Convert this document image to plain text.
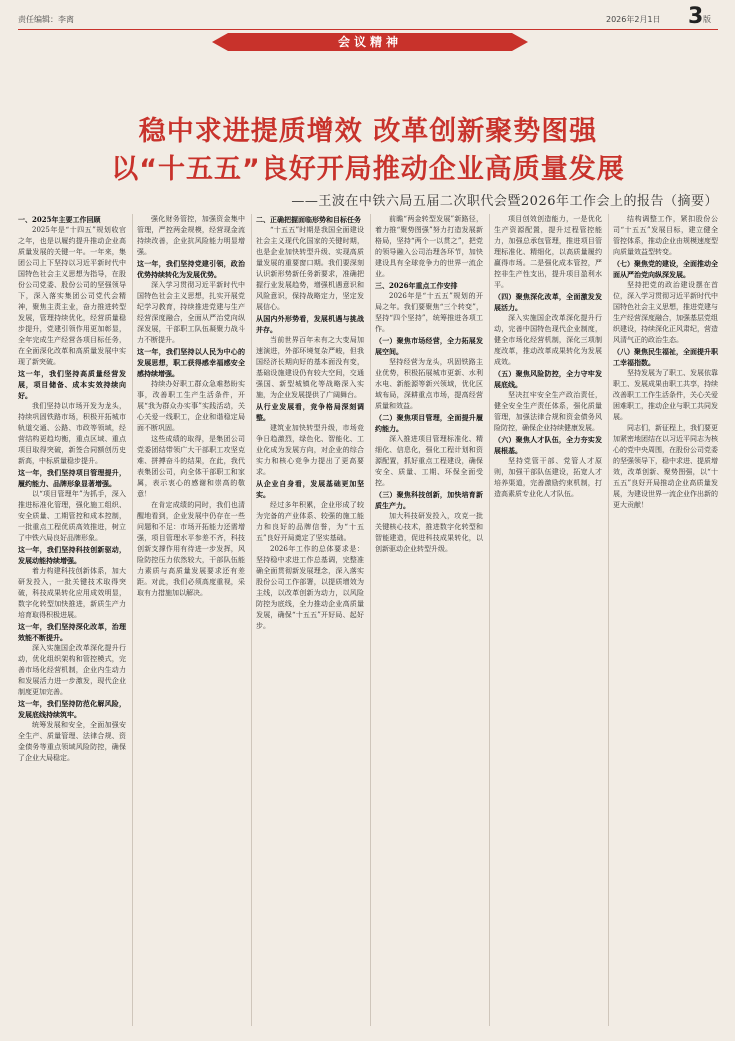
责任编辑：李离	2026年2月1日 3 版
会议精神
稳中求进提质增效 改革创新聚势图强
以“十五五”良好开局推动企业高质量发展
——王波在中铁六局五届二次职代会暨2026年工作会上的报告（摘要）

一、2025年主要工作回顾

2025年是“十四五”规划收官之年，也是以履约提升推动企业高质量发展的关键一年。一年来，集团公司上下坚持以习近平新时代中国特色社会主义思想为指导，在股份公司党委、股份公司的坚强领导下，深入落实集团公司党代会精神，聚焦主责主业，奋力推进转型发展，管理持续优化，经营质量稳步提升，党建引领作用更加彰显，全年完成生产经营各项目标任务，在全面深化改革和高质量发展中实现了新突破。

这一年，我们坚持高质量经营发展，项目储备、成本实效持续向好。

我们坚持以市场开发为龙头，持续巩固铁路市场，积极开拓城市轨道交通、公路、市政等领域，经营结构更趋均衡，重点区域、重点项目取得突破，新签合同额创历史新高，中标质量稳步提升。

这一年，我们坚持项目管理提升，履约能力、品牌形象显著增强。

以“项目管理年”为抓手，深入推进标准化管理，强化施工组织、安全质量、工期管控和成本控制，一批重点工程优质高效推进，树立了中铁六局良好品牌形象。

这一年，我们坚持科技创新驱动，发展动能持续增强。

着力构建科技创新体系，加大研发投入，一批关键技术取得突破，科技成果转化应用成效明显，数字化转型加快推进，新质生产力培育取得积极进展。

这一年，我们坚持深化改革，治理效能不断提升。

深入实施国企改革深化提升行动，优化组织架构和管控模式，完善市场化经营机制，企业内生动力和发展活力进一步激发，现代企业制度更加完善。

这一年，我们坚持防范化解风险，发展底线持续筑牢。

统筹发展和安全，全面加强安全生产、质量管理、法律合规、资金债务等重点领域风险防控，确保了企业大局稳定。

强化财务管控，加强资金集中管理，严控两金规模，经营现金流持续改善，企业抗风险能力明显增强。

这一年，我们坚持党建引领，政治优势持续转化为发展优势。

深入学习贯彻习近平新时代中国特色社会主义思想，扎实开展党纪学习教育，持续推进党建与生产经营深度融合，全面从严治党向纵深发展，干部职工队伍凝聚力战斗力不断提升。

这一年，我们坚持以人民为中心的发展思想，职工获得感幸福感安全感持续增强。

持续办好职工群众急难愁盼实事，改善职工生产生活条件，开展“我为群众办实事”实践活动，关心关爱一线职工，企业和谐稳定局面不断巩固。

这些成绩的取得，是集团公司党委团结带领广大干部职工攻坚克难、拼搏奋斗的结果，在此，我代表集团公司，向全体干部职工和家属，表示衷心的感谢和崇高的敬意！

在肯定成绩的同时，我们也清醒地看到，企业发展中仍存在一些问题和不足：市场开拓能力还需增强，项目管理水平参差不齐，科技创新支撑作用有待进一步发挥，风险防控压力依然较大，干部队伍能力素质与高质量发展要求还有差距。对此，我们必须高度重视，采取有力措施加以解决。

二、正确把握面临形势和目标任务

“十五五”时期是我国全面建设社会主义现代化国家的关键时期，也是企业加快转型升级、实现高质量发展的重要窗口期。我们要深刻认识新形势新任务新要求，准确把握行业发展趋势，增强机遇意识和风险意识，保持战略定力，坚定发展信心。

从国内外形势看，发展机遇与挑战并存。

当前世界百年未有之大变局加速演进，外部环境复杂严峻，但我国经济长期向好的基本面没有变，基础设施建设仍有较大空间，交通强国、新型城镇化等战略深入实施，为企业发展提供了广阔舞台。

从行业发展看，竞争格局深刻调整。

建筑业加快转型升级，市场竞争日趋激烈，绿色化、智能化、工业化成为发展方向，对企业的综合实力和核心竞争力提出了更高要求。

从企业自身看，发展基础更加坚实。

经过多年积累，企业形成了较为完备的产业体系、较强的施工能力和良好的品牌信誉，为“十五五”良好开局奠定了坚实基础。

2026年工作的总体要求是：坚持稳中求进工作总基调，完整准确全面贯彻新发展理念，深入落实股份公司工作部署，以提质增效为主线，以改革创新为动力，以风险防控为底线，全力推动企业高质量发展，确保“十五五”开好局、起好步。

前瞻“两金转型发展”新路径，着力推“聚势图强”努力打造发展新格局，坚持“两个一以贯之”，把党的领导融入公司治理各环节，加快建设具有全球竞争力的世界一流企业。

三、2026年重点工作安排

2026年是“十五五”规划的开局之年。我们要聚焦“三个转变”，坚持“四个坚持”，统筹推进各项工作。

（一）聚焦市场经营，全力拓展发展空间。

坚持经营为龙头，巩固铁路主业优势，积极拓展城市更新、水利水电、新能源等新兴领域，优化区域布局，深耕重点市场，提高经营质量和效益。

（二）聚焦项目管理，全面提升履约能力。

深入推进项目管理标准化、精细化、信息化，强化工程计划和资源配置，抓好重点工程建设，确保安全、质量、工期、环保全面受控。

（三）聚焦科技创新，加快培育新质生产力。

加大科技研发投入，攻克一批关键核心技术，推进数字化转型和智能建造，促进科技成果转化，以创新驱动企业转型升级。

项目创效创造能力，一是优化生产资源配置，提升过程管控能力，加强总承包管理，推进项目管理标准化、精细化，以高质量履约赢得市场。二是强化成本管控，严控非生产性支出，提升项目盈利水平。

（四）聚焦深化改革，全面激发发展活力。

深入实施国企改革深化提升行动，完善中国特色现代企业制度，健全市场化经营机制，深化三项制度改革，推动改革成果转化为发展成效。

（五）聚焦风险防控，全力守牢发展底线。

坚决扛牢安全生产政治责任，健全安全生产责任体系，强化质量管理，加强法律合规和资金债务风险防控，确保企业持续健康发展。

（六）聚焦人才队伍，全力夯实发展根基。

坚持党管干部、党管人才原则，加强干部队伍建设，拓宽人才培养渠道，完善激励约束机制，打造高素质专业化人才队伍。

结构调整工作，紧扣股份公司“十五五”发展目标，建立健全管控体系，推动企业由规模速度型向质量效益型转变。

（七）聚焦党的建设，全面推动全面从严治党向纵深发展。

坚持把党的政治建设摆在首位，深入学习贯彻习近平新时代中国特色社会主义思想，推进党建与生产经营深度融合，加强基层党组织建设，持续深化正风肃纪，营造风清气正的政治生态。

（八）聚焦民生福祉，全面提升职工幸福指数。

坚持发展为了职工、发展依靠职工、发展成果由职工共享，持续改善职工工作生活条件，关心关爱困难职工，推动企业与职工共同发展。

同志们，新征程上，我们要更加紧密地团结在以习近平同志为核心的党中央周围，在股份公司党委的坚强领导下，稳中求进、提质增效，改革创新、聚势图强，以“十五五”良好开局推动企业高质量发展，为建设世界一流企业作出新的更大贡献！
